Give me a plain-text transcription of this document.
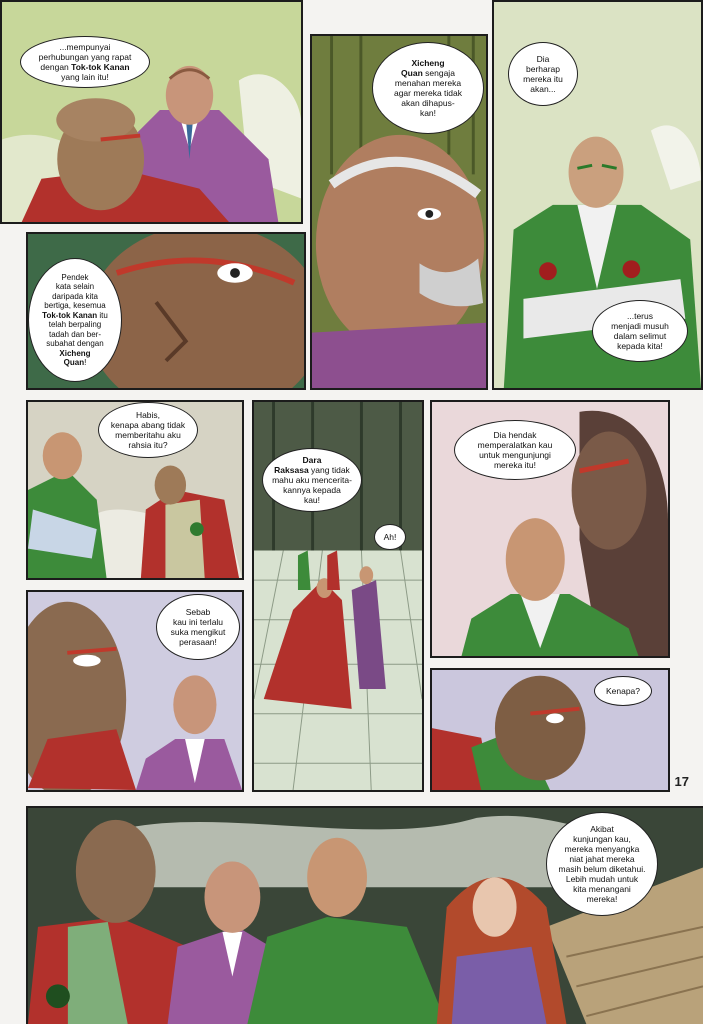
...mempunyai
perhubungan yang rapat
dengan Tok-tok Kanan
yang lain itu!
Xicheng
Quan sengaja
menahan mereka
agar mereka tidak
akan dihapus-
kan!
Dia
berharap
mereka itu
akan...
...terus
menjadi musuh
dalam selimut
kepada kita!
Pendek
kata selain
daripada kita
bertiga, kesemua
Tok-tok Kanan itu
telah berpaling
tadah dan ber-
subahat dengan
Xicheng
Quan!
Habis,
kenapa abang tidak
memberitahu aku
rahsia itu?
Dara
Raksasa yang tidak
mahu aku mencerita-
kannya kepada
kau!
Ah!
Dia hendak
memperalatkan kau
untuk mengunjungi
mereka itu!
Sebab
kau ini terlalu
suka mengikut
perasaan!
Kenapa?
17
Akibat
kunjungan kau,
mereka menyangka
niat jahat mereka
masih belum diketahui.
Lebih mudah untuk
kita menangani
mereka!
